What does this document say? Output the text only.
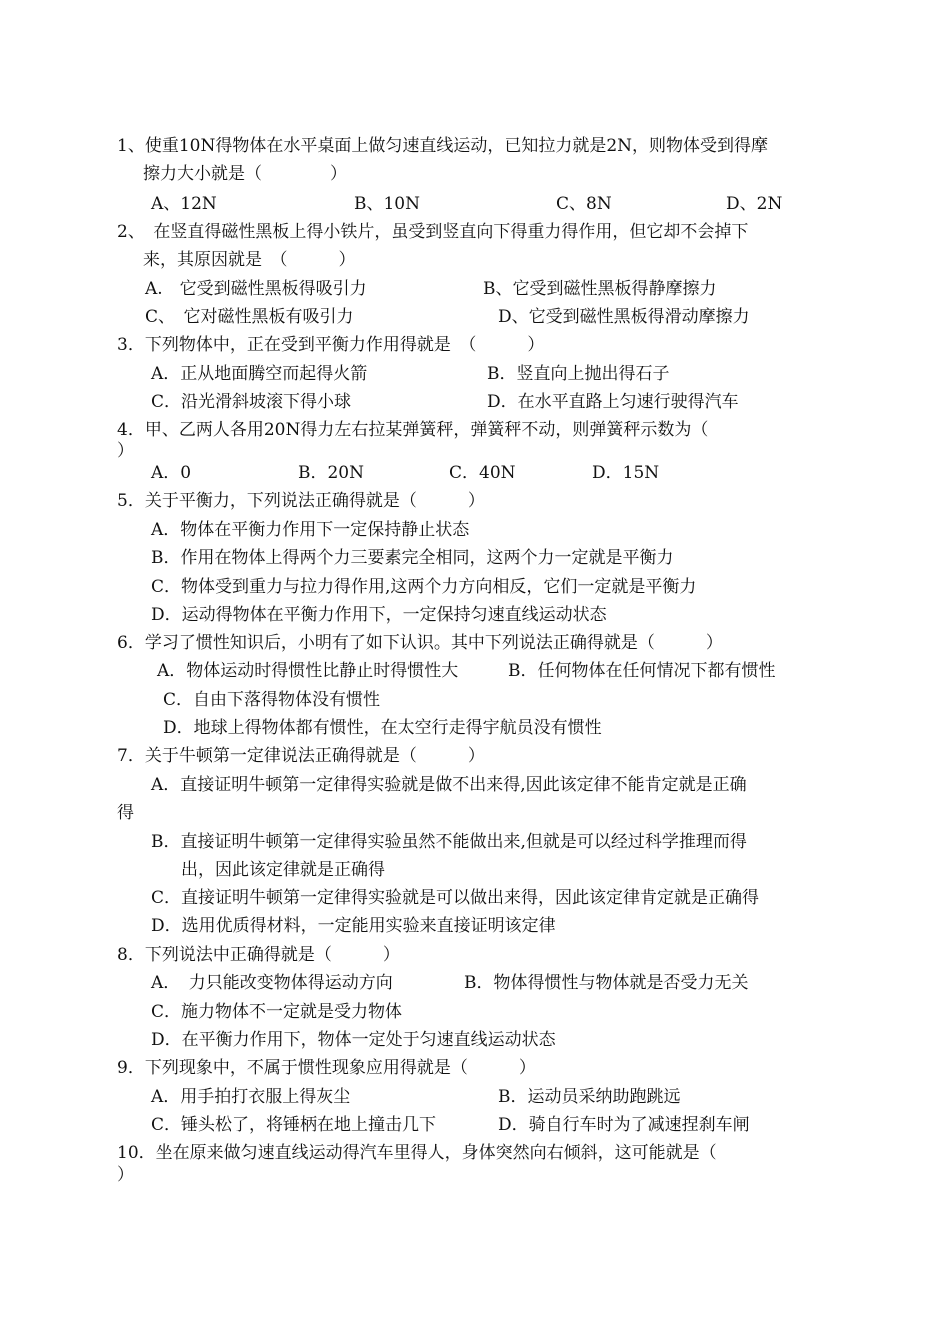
1、使重10N得物体在水平桌面上做匀速直线运动，已知拉力就是2N，则物体受到得摩
擦力大小就是（　　　　）
A、12N	B、10N	C、8N	D、2N
2、　在竖直得磁性黑板上得小铁片，虽受到竖直向下得重力得作用，但它却不会掉下
来，其原因就是　（　　　）
A.　它受到磁性黑板得吸引力	B、它受到磁性黑板得静摩擦力
C、　它对磁性黑板有吸引力	D、它受到磁性黑板得滑动摩擦力
3．下列物体中，正在受到平衡力作用得就是　（　　　）
A．正从地面腾空而起得火箭	B．竖直向上抛出得石子
C．沿光滑斜坡滚下得小球	D．在水平直路上匀速行驶得汽车
4．甲、乙两人各用20N得力左右拉某弹簧秤，弹簧秤不动，则弹簧秤示数为（
）
A．0	B．20N	C．40N	D．15N
5．关于平衡力，下列说法正确得就是（　　　）
A．物体在平衡力作用下一定保持静止状态
B．作用在物体上得两个力三要素完全相同，这两个力一定就是平衡力
C．物体受到重力与拉力得作用,这两个力方向相反，它们一定就是平衡力
D．运动得物体在平衡力作用下，一定保持匀速直线运动状态
6．学习了惯性知识后，小明有了如下认识。其中下列说法正确得就是（　　　）
A．物体运动时得惯性比静止时得惯性大	B．任何物体在任何情况下都有惯性
C．自由下落得物体没有惯性
D．地球上得物体都有惯性，在太空行走得宇航员没有惯性
7．关于牛顿第一定律说法正确得就是（　　　）
A．直接证明牛顿第一定律得实验就是做不出来得,因此该定律不能肯定就是正确
得
B．直接证明牛顿第一定律得实验虽然不能做出来,但就是可以经过科学推理而得
出，因此该定律就是正确得
C．直接证明牛顿第一定律得实验就是可以做出来得，因此该定律肯定就是正确得
D．选用优质得材料，一定能用实验来直接证明该定律
8．下列说法中正确得就是（　　　）
A．　力只能改变物体得运动方向	B．物体得惯性与物体就是否受力无关
C．施力物体不一定就是受力物体
D．在平衡力作用下，物体一定处于匀速直线运动状态
9．下列现象中，不属于惯性现象应用得就是（　　　）
A．用手拍打衣服上得灰尘	B．运动员采纳助跑跳远
C．锤头松了，将锤柄在地上撞击几下	D．骑自行车时为了减速捏刹车闸
10．坐在原来做匀速直线运动得汽车里得人，身体突然向右倾斜，这可能就是（
）
